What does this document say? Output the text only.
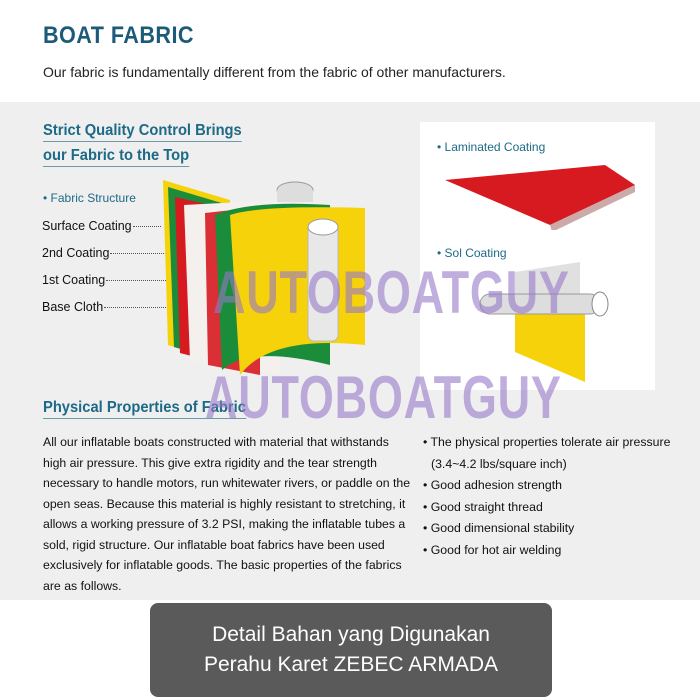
BOAT FABRIC
Our fabric is fundamentally different from the fabric of other manufacturers.
Strict Quality Control Brings
our Fabric to the Top
• Fabric Structure
Surface Coating
2nd Coating
1st Coating
Base Cloth
• Laminated Coating
• Sol Coating
AUTOBOATGUY
Physical Properties of Fabric
AUTOBOATGUY
All our inflatable boats constructed with material that withstands high air pressure. This give extra rigidity and the tear strength necessary to handle motors, run whitewater rivers, or paddle on the open seas. Because this material is highly resistant to stretching, it allows a working pressure of 3.2 PSI, making the inflatable tubes a sold, rigid structure. Our inflatable boat fabrics have been used exclusively for inflatable goods. The basic properties of the fabrics are as follows.
• The physical properties tolerate air pressure
(3.4~4.2 lbs/square inch)
• Good adhesion strength
• Good straight thread
• Good dimensional stability
• Good for hot air welding
Detail Bahan yang Digunakan
Perahu Karet ZEBEC ARMADA
